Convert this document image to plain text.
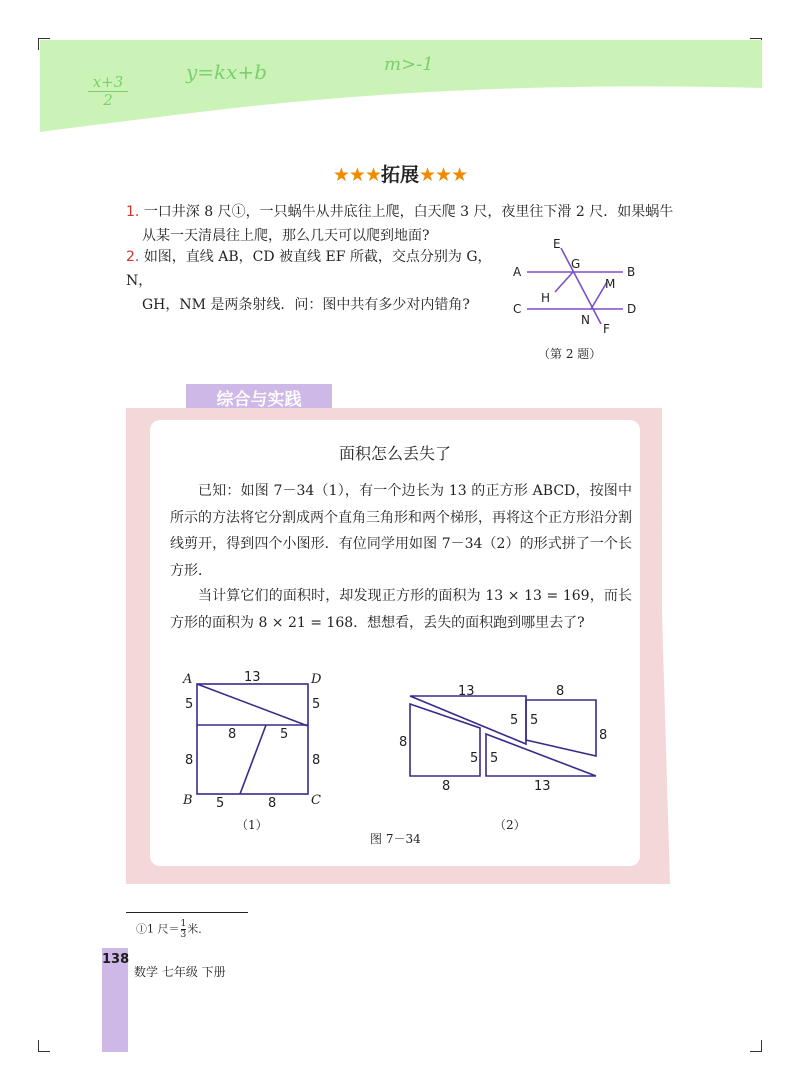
$\frac{x+3}{2}$
y=kx+b	m>-1
★★★拓展★★★
1. 一口井深 8 尺①，一只蜗牛从井底往上爬，白天爬 3 尺，夜里往下滑 2 尺．如果蜗牛
从某一天清晨往上爬，那么几天可以爬到地面?
2. 如图，直线 AB，CD 被直线 EF 所截，交点分别为 G，N，
GH，NM 是两条射线．问：图中共有多少对内错角?
E
G
A	B
M
H
C	D
N
F
（第 2 题）
综合与实践
面积怎么丢失了
已知：如图 7－34（1），有一个边长为 13 的正方形 ABCD，按图中所示的方法将它分割成两个直角三角形和两个梯形，再将这个正方形沿分割线剪开，得到四个小图形．有位同学用如图 7－34（2）的形式拼了一个长方形．
当计算它们的面积时，却发现正方形的面积为 13 × 13 = 169，而长方形的面积为 8 × 21 = 168．想想看，丢失的面积跑到哪里去了?
A	D
B	C
13
5	5
8	5
8	8
5	8
（1）
13	8
5 5
8	8
5 5
8	13
（2）
图 7－34
①1 尺＝ $\frac{1}{3}$ 米．
138
数学 七年级 下册
